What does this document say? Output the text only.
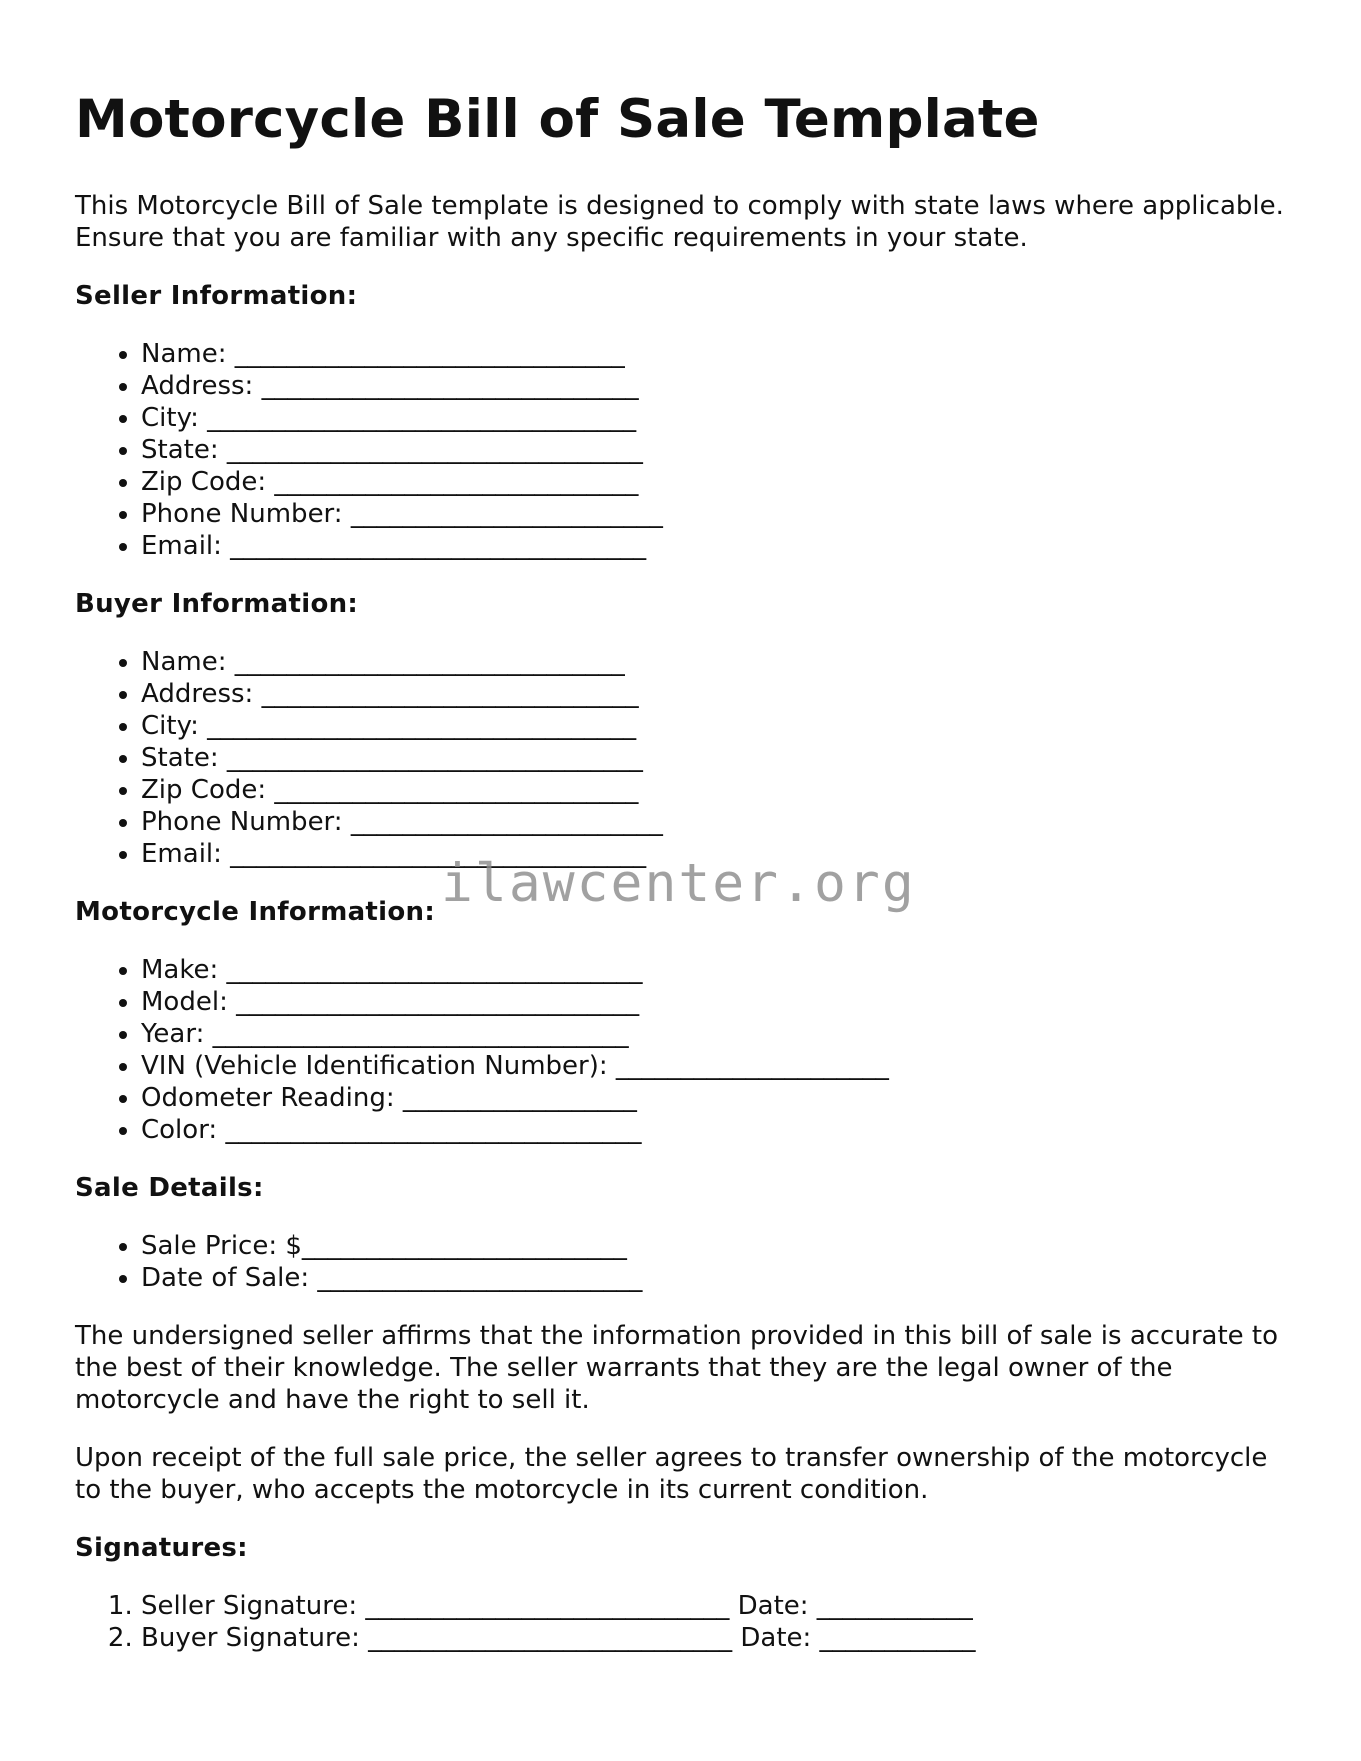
Motorcycle Bill of Sale Template

This Motorcycle Bill of Sale template is designed to comply with state laws where applicable. Ensure that you are familiar with any specific requirements in your state.

Seller Information:
• Name: ______________________________
• Address: _____________________________
• City: _________________________________
• State: ________________________________
• Zip Code: ____________________________
• Phone Number: ________________________
• Email: ________________________________
Buyer Information:
• Name: ______________________________
• Address: _____________________________
• City: _________________________________
• State: ________________________________
• Zip Code: ____________________________
• Phone Number: ________________________
• Email: ________________________________
Motorcycle Information:
• Make: ________________________________
• Model: _______________________________
• Year: ________________________________
• VIN (Vehicle Identification Number): _____________________
• Odometer Reading: __________________
• Color: ________________________________
Sale Details:
• Sale Price: $_________________________
• Date of Sale: _________________________

The undersigned seller affirms that the information provided in this bill of sale is accurate to the best of their knowledge. The seller warrants that they are the legal owner of the motorcycle and have the right to sell it.

Upon receipt of the full sale price, the seller agrees to transfer ownership of the motorcycle to the buyer, who accepts the motorcycle in its current condition.

Signatures:
1. Seller Signature: ____________________________ Date: ____________
2. Buyer Signature: ____________________________ Date: ____________
ilawcenter.org
